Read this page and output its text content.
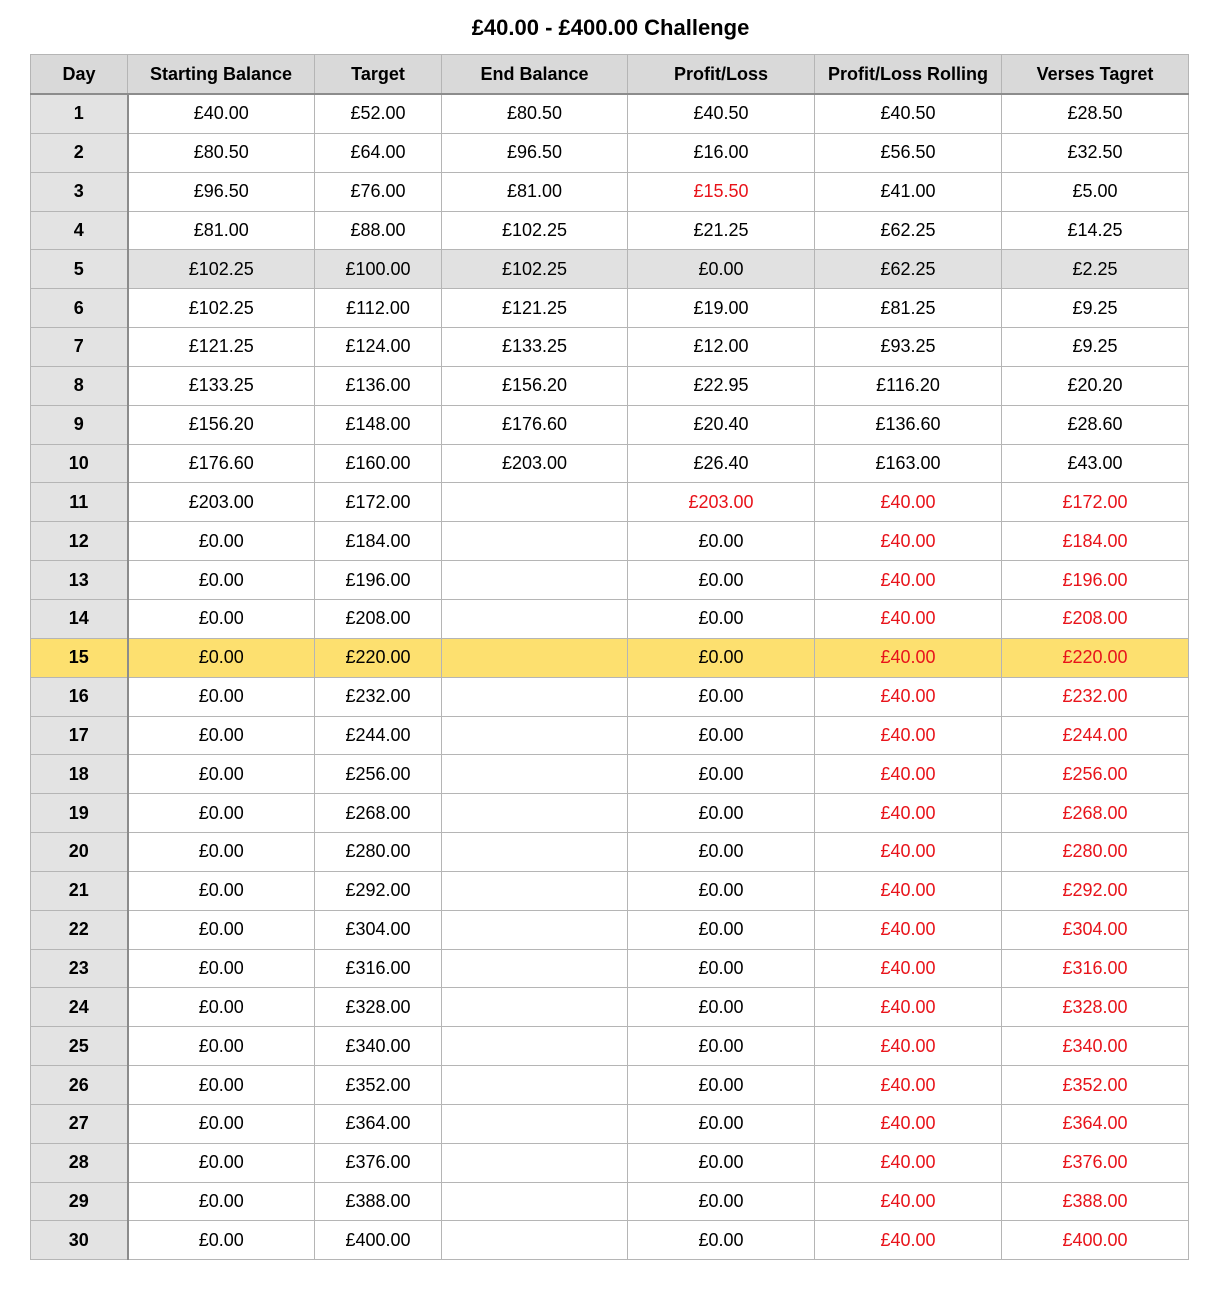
£40.00 - £400.00 Challenge
Day	Starting Balance	Target	End Balance	Profit/Loss	Profit/Loss Rolling	Verses Tagret
1	£40.00	£52.00	£80.50	£40.50	£40.50	£28.50
2	£80.50	£64.00	£96.50	£16.00	£56.50	£32.50
3	£96.50	£76.00	£81.00	£15.50	£41.00	£5.00
4	£81.00	£88.00	£102.25	£21.25	£62.25	£14.25
5	£102.25	£100.00	£102.25	£0.00	£62.25	£2.25
6	£102.25	£112.00	£121.25	£19.00	£81.25	£9.25
7	£121.25	£124.00	£133.25	£12.00	£93.25	£9.25
8	£133.25	£136.00	£156.20	£22.95	£116.20	£20.20
9	£156.20	£148.00	£176.60	£20.40	£136.60	£28.60
10	£176.60	£160.00	£203.00	£26.40	£163.00	£43.00
11	£203.00	£172.00		£203.00	£40.00	£172.00
12	£0.00	£184.00		£0.00	£40.00	£184.00
13	£0.00	£196.00		£0.00	£40.00	£196.00
14	£0.00	£208.00		£0.00	£40.00	£208.00
15	£0.00	£220.00		£0.00	£40.00	£220.00
16	£0.00	£232.00		£0.00	£40.00	£232.00
17	£0.00	£244.00		£0.00	£40.00	£244.00
18	£0.00	£256.00		£0.00	£40.00	£256.00
19	£0.00	£268.00		£0.00	£40.00	£268.00
20	£0.00	£280.00		£0.00	£40.00	£280.00
21	£0.00	£292.00		£0.00	£40.00	£292.00
22	£0.00	£304.00		£0.00	£40.00	£304.00
23	£0.00	£316.00		£0.00	£40.00	£316.00
24	£0.00	£328.00		£0.00	£40.00	£328.00
25	£0.00	£340.00		£0.00	£40.00	£340.00
26	£0.00	£352.00		£0.00	£40.00	£352.00
27	£0.00	£364.00		£0.00	£40.00	£364.00
28	£0.00	£376.00		£0.00	£40.00	£376.00
29	£0.00	£388.00		£0.00	£40.00	£388.00
30	£0.00	£400.00		£0.00	£40.00	£400.00
